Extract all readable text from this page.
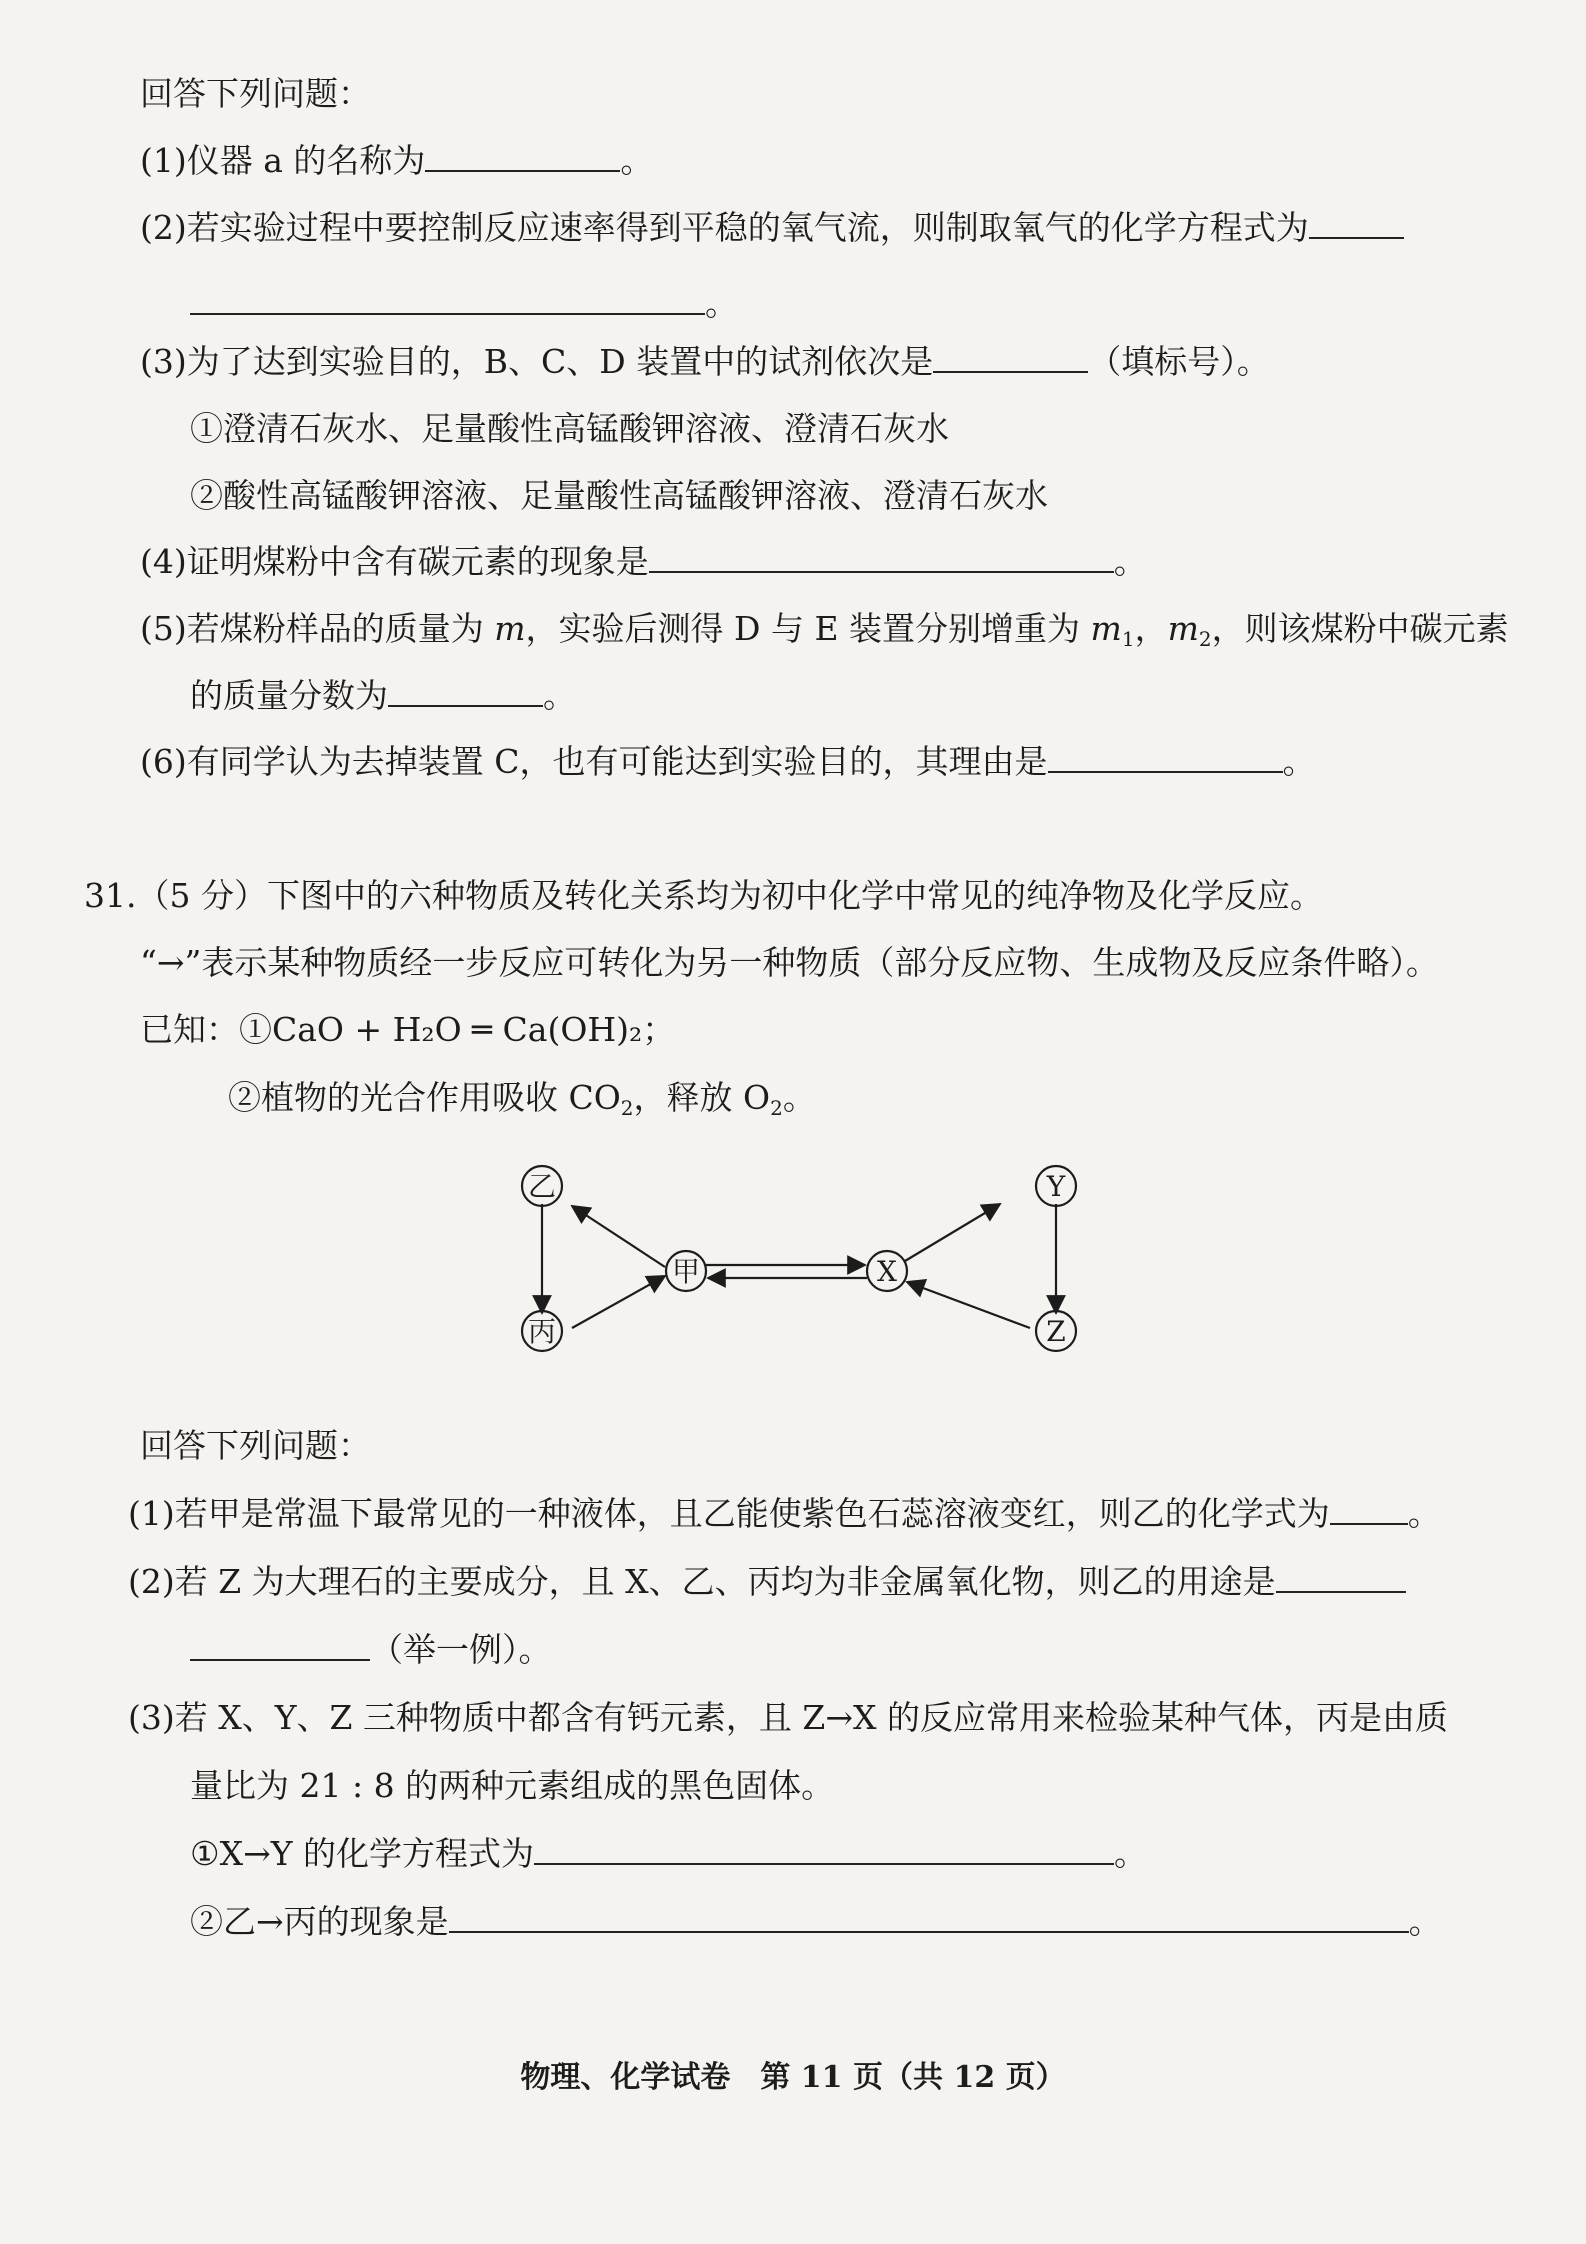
回答下列问题：
(1)仪器 a 的名称为	。
(2)若实验过程中要控制反应速率得到平稳的氧气流，则制取氧气的化学方程式为
。
(3)为了达到实验目的，B、C、D 装置中的试剂依次是	（填标号）。
①澄清石灰水、足量酸性高锰酸钾溶液、澄清石灰水
②酸性高锰酸钾溶液、足量酸性高锰酸钾溶液、澄清石灰水
(4)证明煤粉中含有碳元素的现象是	。
(5)若煤粉样品的质量为 m，实验后测得 D 与 E 装置分别增重为 $m_1$，$m_2$，则该煤粉中碳元素
的质量分数为	。
(6)有同学认为去掉装置 C，也有可能达到实验目的，其理由是	。
31.（5 分）下图中的六种物质及转化关系均为初中化学中常见的纯净物及化学反应。
“→”表示某种物质经一步反应可转化为另一种物质（部分反应物、生成物及反应条件略）。
已知：①CaO + H₂O ═ Ca(OH)₂；
②植物的光合作用吸收 $CO_2$，释放 $O_2$。
乙
丙
甲	X
Y
Z
回答下列问题：
(1)若甲是常温下最常见的一种液体，且乙能使紫色石蕊溶液变红，则乙的化学式为 。
(2)若 Z 为大理石的主要成分，且 X、乙、丙均为非金属氧化物，则乙的用途是
（举一例）。
(3)若 X、Y、Z 三种物质中都含有钙元素，且 Z→X 的反应常用来检验某种气体，丙是由质
量比为 21 : 8 的两种元素组成的黑色固体。
①X→Y 的化学方程式为	。
②乙→丙的现象是	。
物理、化学试卷　第 11 页（共 12 页）
